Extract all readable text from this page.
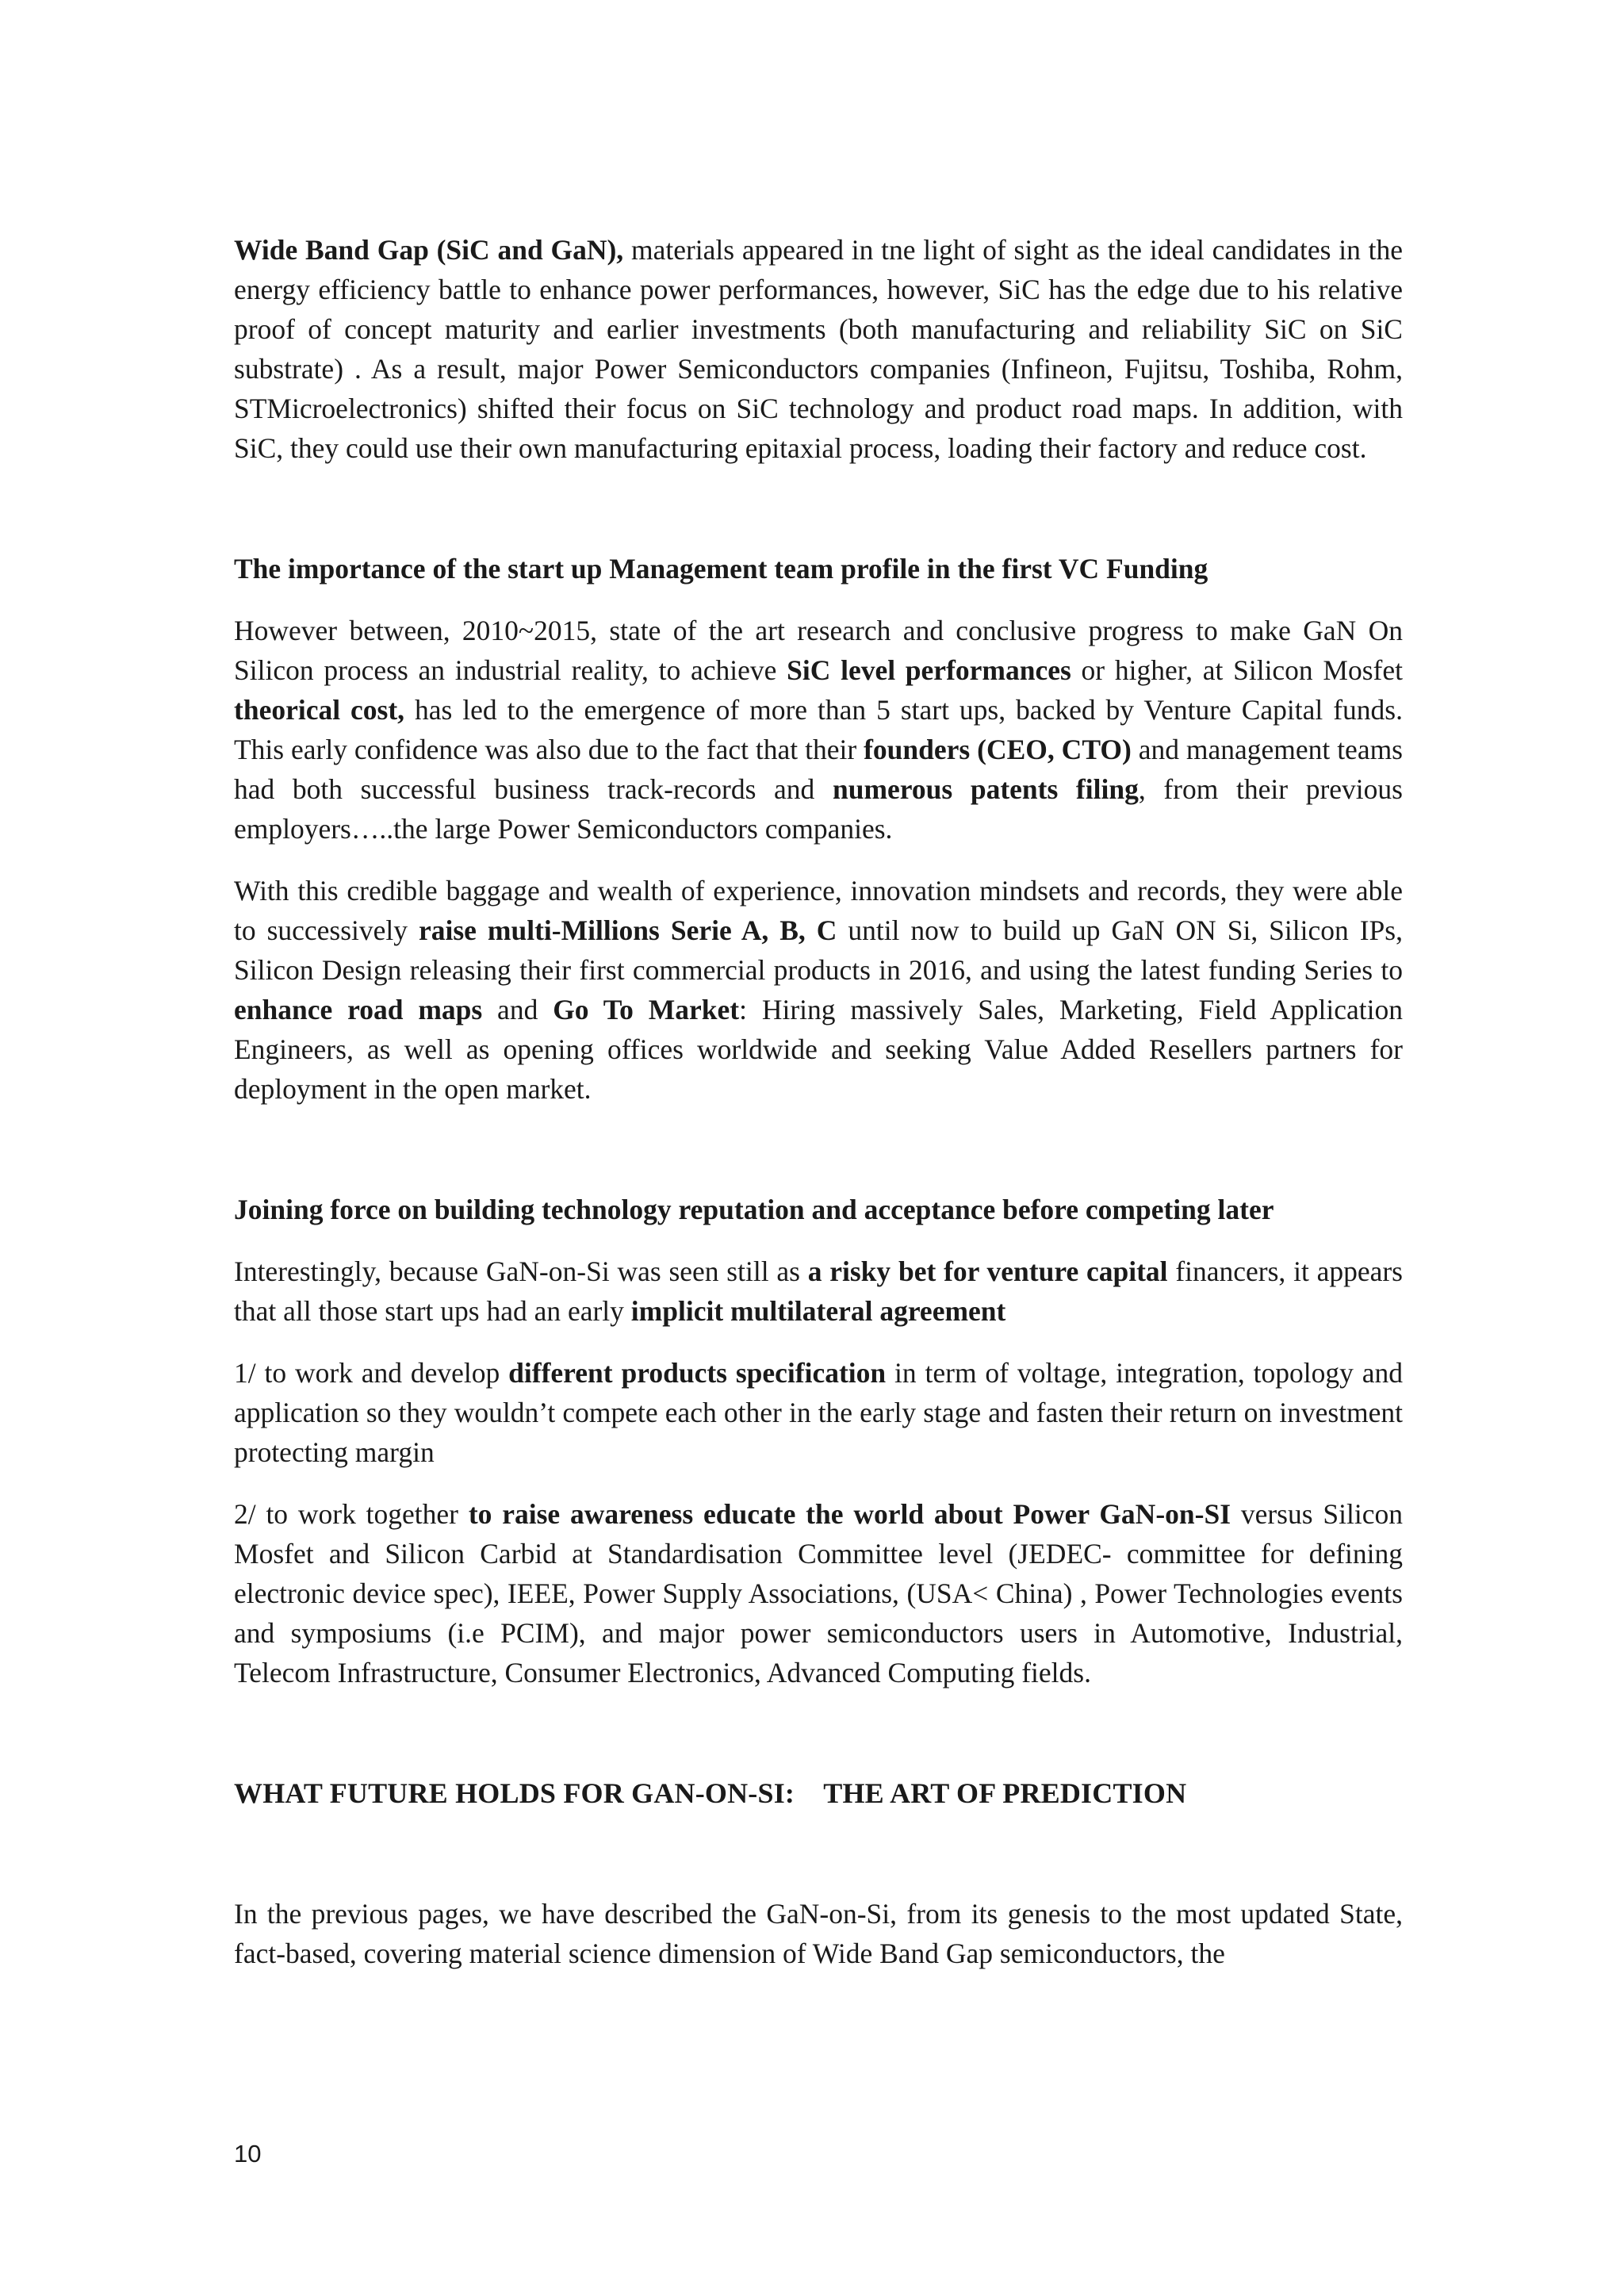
Wide Band Gap (SiC and GaN), materials appeared in tne light of sight as the ideal candidates in the energy efficiency battle to enhance power performances, however, SiC has the edge due to his relative proof of concept maturity and earlier investments (both manufacturing and reliability SiC on SiC substrate) . As a result, major Power Semiconductors companies (Infineon, Fujitsu, Toshiba, Rohm, STMicroelectronics) shifted their focus on SiC technology and product road maps. In addition, with SiC, they could use their own manufacturing epitaxial process, loading their factory and reduce cost.

The importance of the start up Management team profile in the first VC Funding

However between, 2010~2015, state of the art research and conclusive progress to make GaN On Silicon process an industrial reality, to achieve SiC level performances or higher, at Silicon Mosfet theorical cost, has led to the emergence of more than 5 start ups, backed by Venture Capital funds. This early confidence was also due to the fact that their founders (CEO, CTO) and management teams had both successful business track-records and numerous patents filing, from their previous employers…..the large Power Semiconductors companies.

With this credible baggage and wealth of experience, innovation mindsets and records, they were able to successively raise multi-Millions Serie A, B, C until now to build up GaN ON Si, Silicon IPs, Silicon Design releasing their first commercial products in 2016, and using the latest funding Series to enhance road maps and Go To Market: Hiring massively Sales, Marketing, Field Application Engineers, as well as opening offices worldwide and seeking Value Added Resellers partners for deployment in the open market.

Joining force on building technology reputation and acceptance before competing later

Interestingly, because GaN-on-Si was seen still as a risky bet for venture capital financers, it appears that all those start ups had an early implicit multilateral agreement

1/ to work and develop different products specification in term of voltage, integration, topology and application so they wouldn’t compete each other in the early stage and fasten their return on investment protecting margin

2/ to work together to raise awareness educate the world about Power GaN-on-SI versus Silicon Mosfet and Silicon Carbid at Standardisation Committee level (JEDEC- committee for defining electronic device spec), IEEE, Power Supply Associations, (USA< China) , Power Technologies events and symposiums (i.e PCIM), and major power semiconductors users in Automotive, Industrial, Telecom Infrastructure, Consumer Electronics, Advanced Computing fields.

WHAT FUTURE HOLDS FOR GAN-ON-SI:    THE ART OF PREDICTION

In the previous pages, we have described the GaN-on-Si, from its genesis to the most updated State, fact-based, covering material science dimension of Wide Band Gap semiconductors, the

10
